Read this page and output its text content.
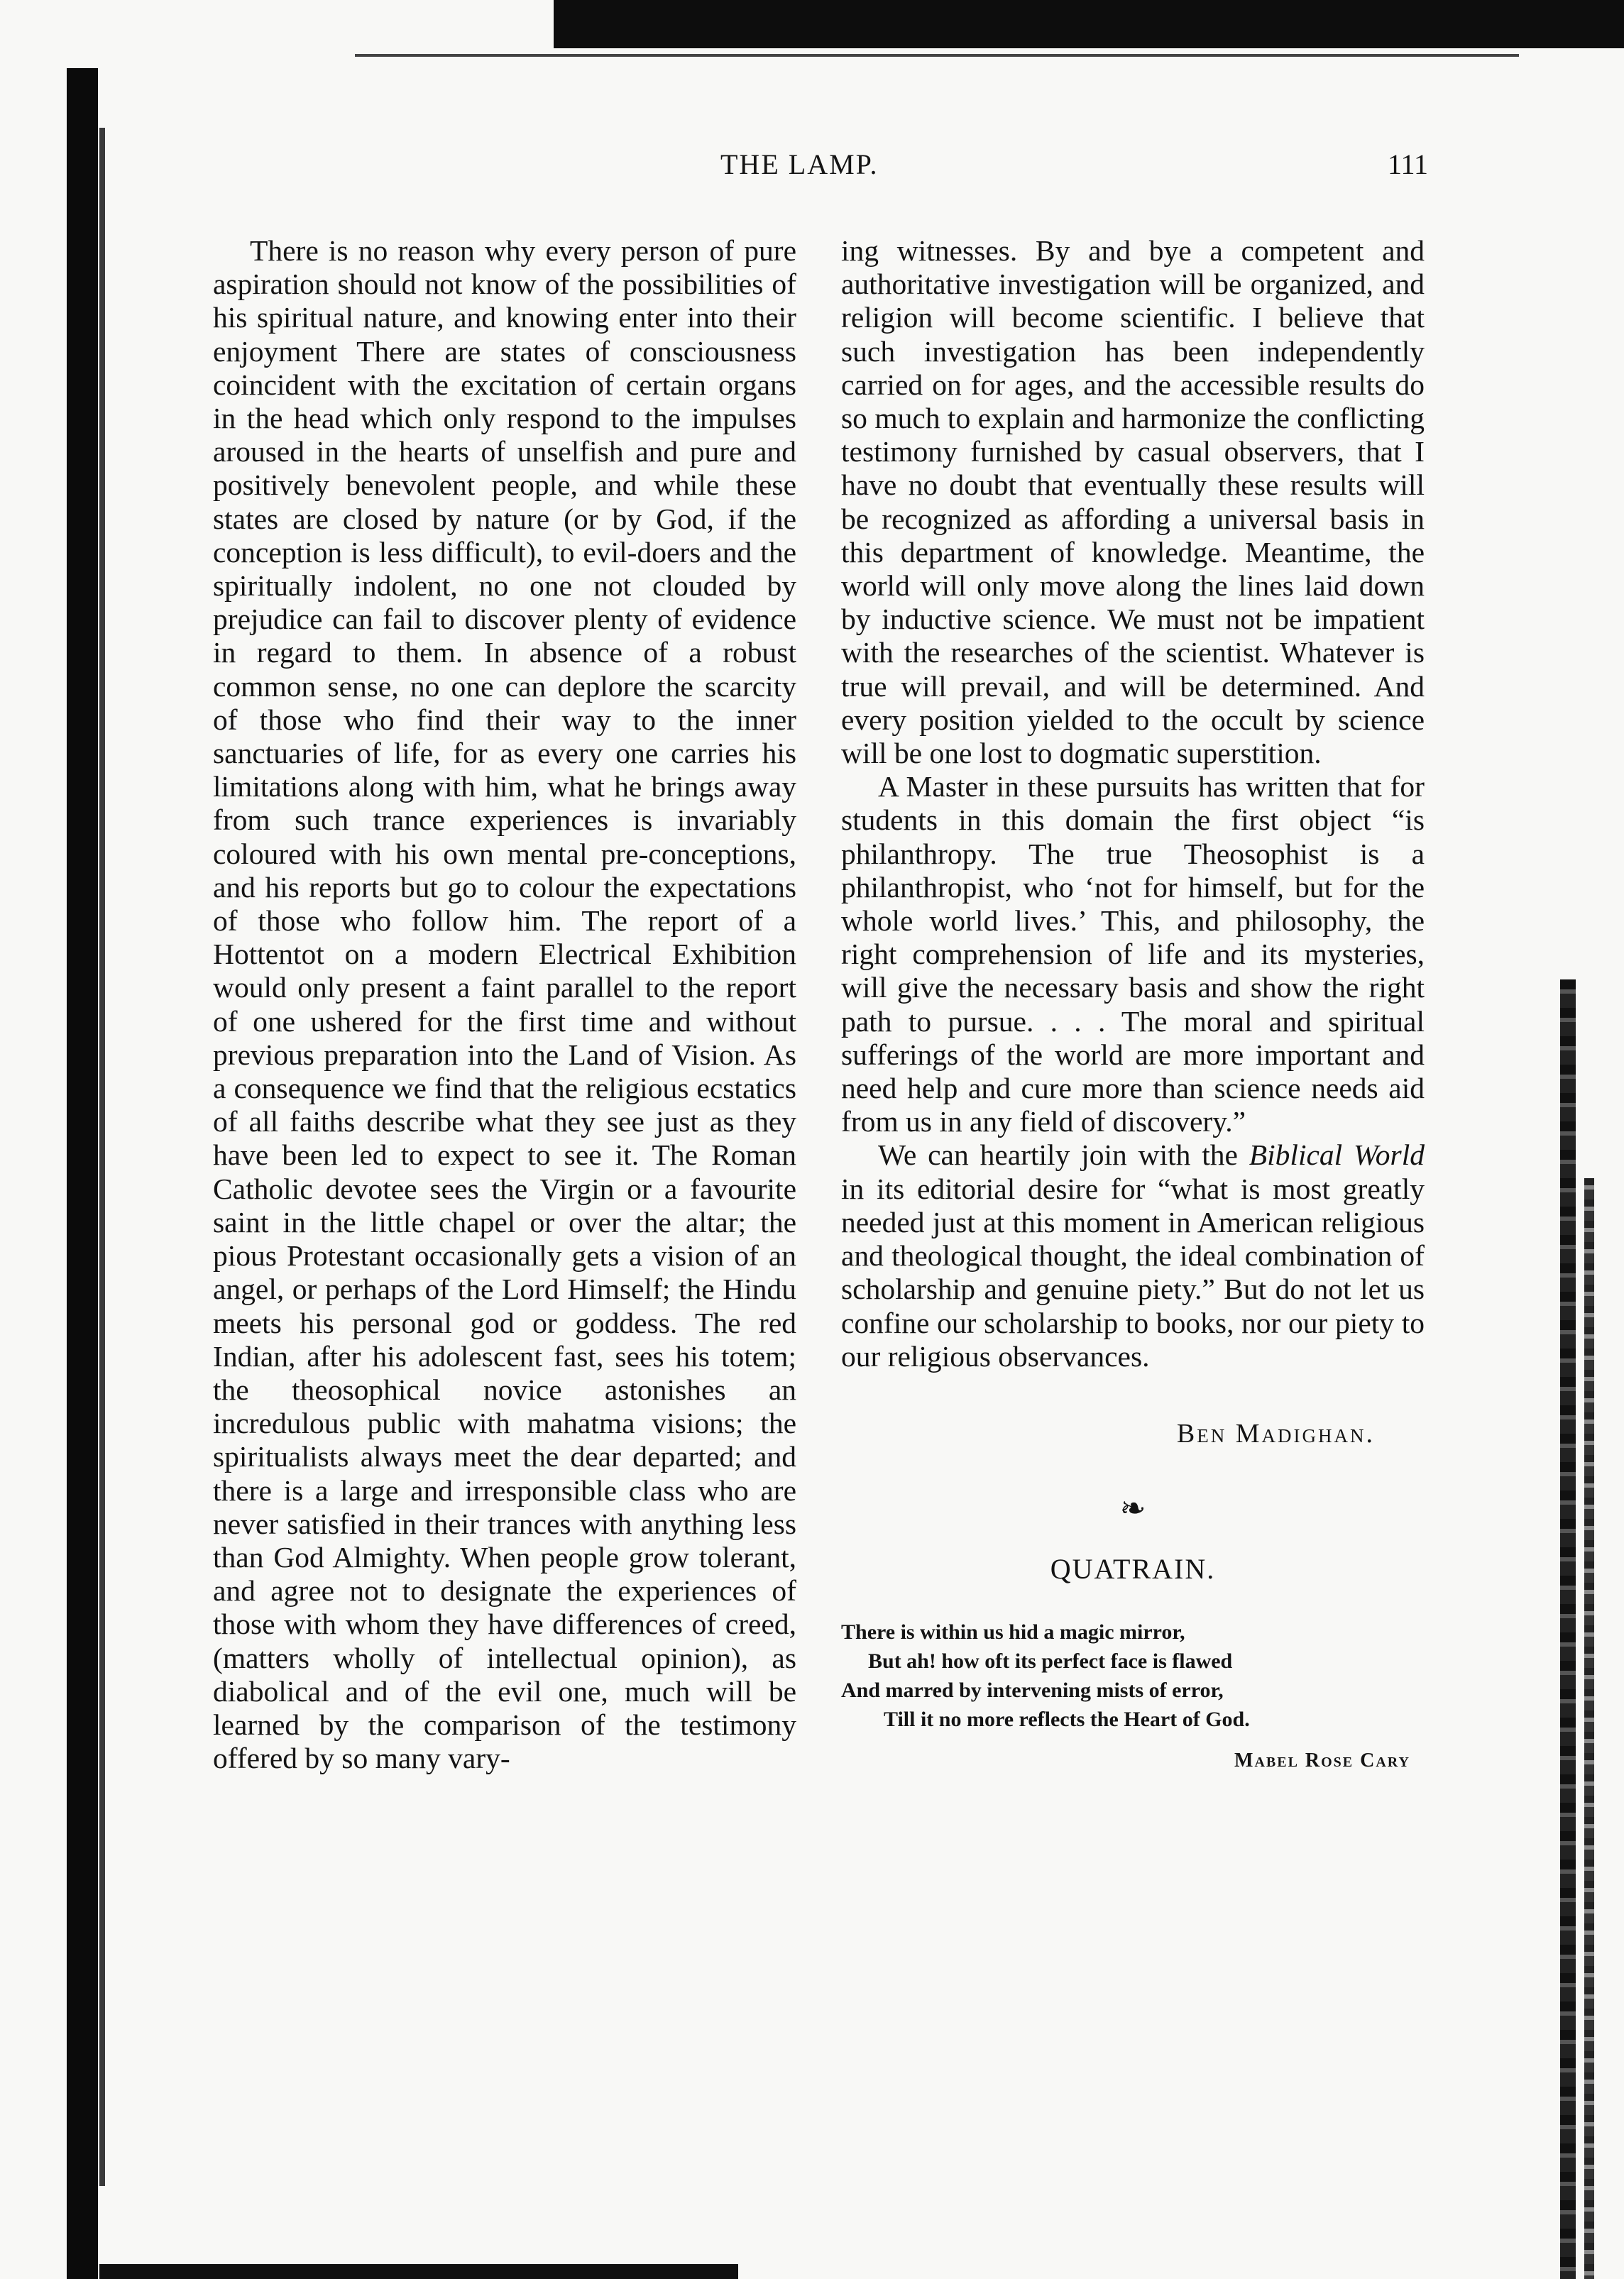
THE LAMP.	111

There is no reason why every person of pure aspiration should not know of the possibilities of his spiritual nature, and knowing enter into their enjoyment There are states of consciousness coincident with the excitation of certain organs in the head which only respond to the impulses aroused in the hearts of unselfish and pure and positively benevolent people, and while these states are closed by nature (or by God, if the conception is less difficult), to evil-doers and the spiritually indolent, no one not clouded by prejudice can fail to discover plenty of evidence in regard to them. In absence of a robust common sense, no one can deplore the scarcity of those who find their way to the inner sanctuaries of life, for as every one carries his limitations along with him, what he brings away from such trance experiences is invariably coloured with his own mental pre-conceptions, and his reports but go to colour the expectations of those who follow him. The report of a Hottentot on a modern Electrical Exhibition would only present a faint parallel to the report of one ushered for the first time and without previous preparation into the Land of Vision. As a consequence we find that the religious ecstatics of all faiths describe what they see just as they have been led to expect to see it. The Roman Catholic devotee sees the Virgin or a favourite saint in the little chapel or over the altar; the pious Protestant occasionally gets a vision of an angel, or perhaps of the Lord Himself; the Hindu meets his personal god or goddess. The red Indian, after his adolescent fast, sees his totem; the theosophical novice astonishes an incredulous public with mahatma visions; the spiritualists always meet the dear departed; and there is a large and irresponsible class who are never satisfied in their trances with anything less than God Almighty. When people grow tolerant, and agree not to designate the experiences of those with whom they have differences of creed, (matters wholly of intellectual opinion), as diabolical and of the evil one, much will be learned by the comparison of the testimony offered by so many vary-

ing witnesses. By and bye a competent and authoritative investigation will be organized, and religion will become scientific. I believe that such investigation has been independently carried on for ages, and the accessible results do so much to explain and harmonize the conflicting testimony furnished by casual observers, that I have no doubt that eventually these results will be recognized as affording a universal basis in this department of knowledge. Meantime, the world will only move along the lines laid down by inductive science. We must not be impatient with the researches of the scientist. Whatever is true will prevail, and will be determined. And every position yielded to the occult by science will be one lost to dogmatic superstition.

A Master in these pursuits has written that for students in this domain the first object “is philanthropy. The true Theosophist is a philanthropist, who ‘not for himself, but for the whole world lives.’ This, and philosophy, the right comprehension of life and its mysteries, will give the necessary basis and show the right path to pursue. . . . The moral and spiritual sufferings of the world are more important and need help and cure more than science needs aid from us in any field of discovery.”

We can heartily join with the Biblical World in its editorial desire for “what is most greatly needed just at this moment in American religious and theological thought, the ideal combination of scholarship and genuine piety.” But do not let us confine our scholarship to books, nor our piety to our religious observances.

Ben Madighan.
❧
QUATRAIN.
There is within us hid a magic mirror,
But ah! how oft its perfect face is flawed
And marred by intervening mists of error,
Till it no more reflects the Heart of God.
Mabel Rose Cary
